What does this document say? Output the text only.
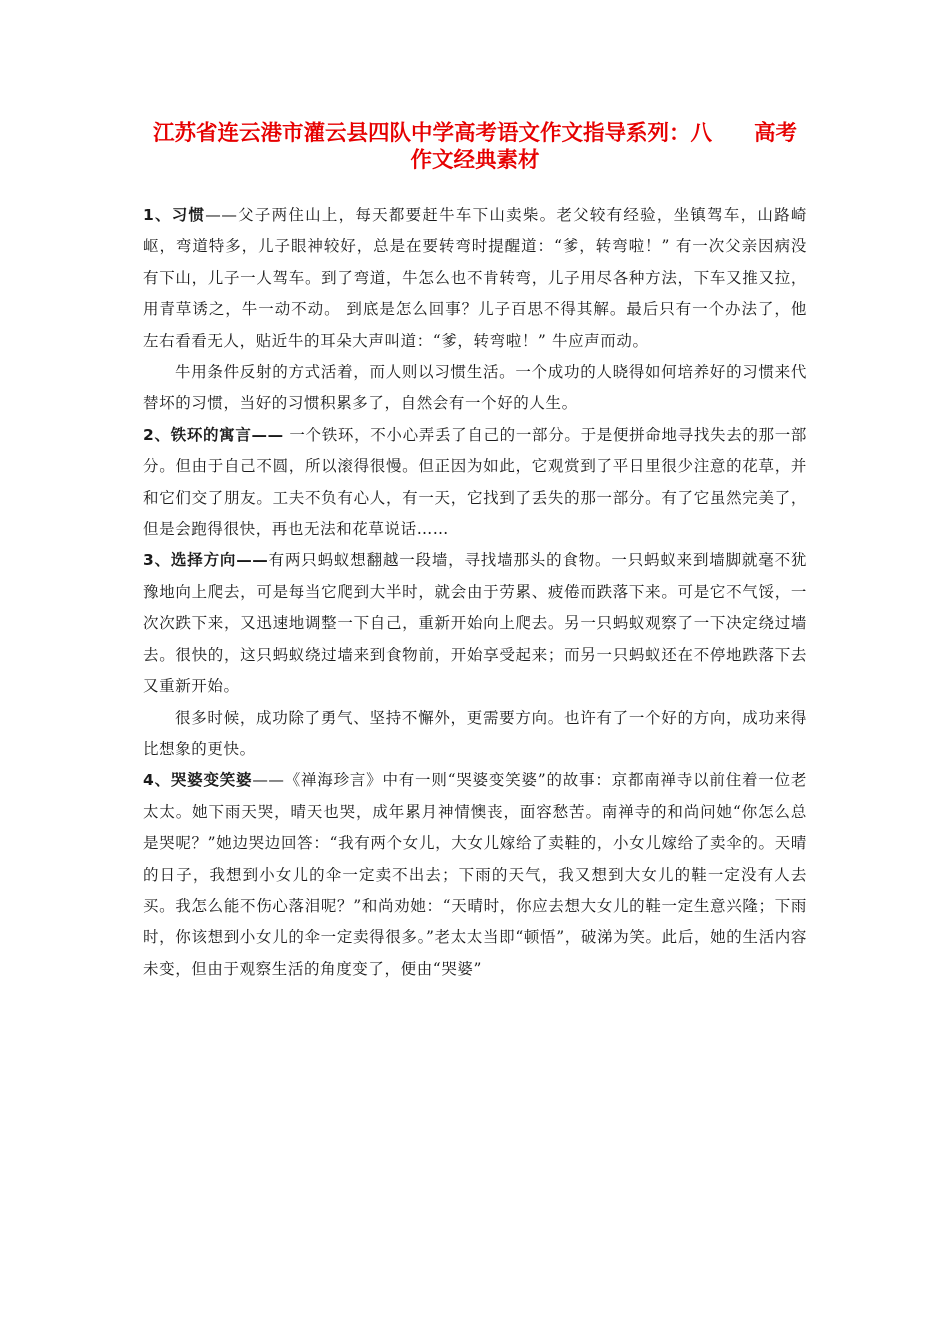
江苏省连云港市灌云县四队中学高考语文作文指导系列：八 高考
作文经典素材

1、习惯——父子两住山上，每天都要赶牛车下山卖柴。老父较有经验，坐镇驾车，山路崎岖，弯道特多，儿子眼神较好，总是在要转弯时提醒道：“爹，转弯啦！” 有一次父亲因病没有下山，儿子一人驾车。到了弯道，牛怎么也不肯转弯，儿子用尽各种方法，下车又推又拉，用青草诱之，牛一动不动。 到底是怎么回事？儿子百思不得其解。最后只有一个办法了，他左右看看无人，贴近牛的耳朵大声叫道：“爹，转弯啦！” 牛应声而动。

牛用条件反射的方式活着，而人则以习惯生活。一个成功的人晓得如何培养好的习惯来代替坏的习惯，当好的习惯积累多了，自然会有一个好的人生。

2、铁环的寓言—— 一个铁环，不小心弄丢了自己的一部分。于是便拼命地寻找失去的那一部分。但由于自己不圆，所以滚得很慢。但正因为如此，它观赏到了平日里很少注意的花草，并和它们交了朋友。工夫不负有心人，有一天，它找到了丢失的那一部分。有了它虽然完美了，但是会跑得很快，再也无法和花草说话……

3、选择方向——有两只蚂蚁想翻越一段墙，寻找墙那头的食物。一只蚂蚁来到墙脚就毫不犹豫地向上爬去，可是每当它爬到大半时，就会由于劳累、疲倦而跌落下来。可是它不气馁，一次次跌下来，又迅速地调整一下自己，重新开始向上爬去。另一只蚂蚁观察了一下决定绕过墙去。很快的，这只蚂蚁绕过墙来到食物前，开始享受起来；而另一只蚂蚁还在不停地跌落下去又重新开始。

很多时候，成功除了勇气、坚持不懈外，更需要方向。也许有了一个好的方向，成功来得比想象的更快。

4、哭婆变笑婆——《禅海珍言》中有一则“哭婆变笑婆”的故事：京都南禅寺以前住着一位老太太。她下雨天哭，晴天也哭，成年累月神情懊丧，面容愁苦。南禅寺的和尚问她“你怎么总是哭呢？”她边哭边回答：“我有两个女儿，大女儿嫁给了卖鞋的，小女儿嫁给了卖伞的。天晴的日子，我想到小女儿的伞一定卖不出去；下雨的天气，我又想到大女儿的鞋一定没有人去买。我怎么能不伤心落泪呢？”和尚劝她：“天晴时，你应去想大女儿的鞋一定生意兴隆；下雨时，你该想到小女儿的伞一定卖得很多。”老太太当即“顿悟”，破涕为笑。此后，她的生活内容未变，但由于观察生活的角度变了，便由“哭婆”
